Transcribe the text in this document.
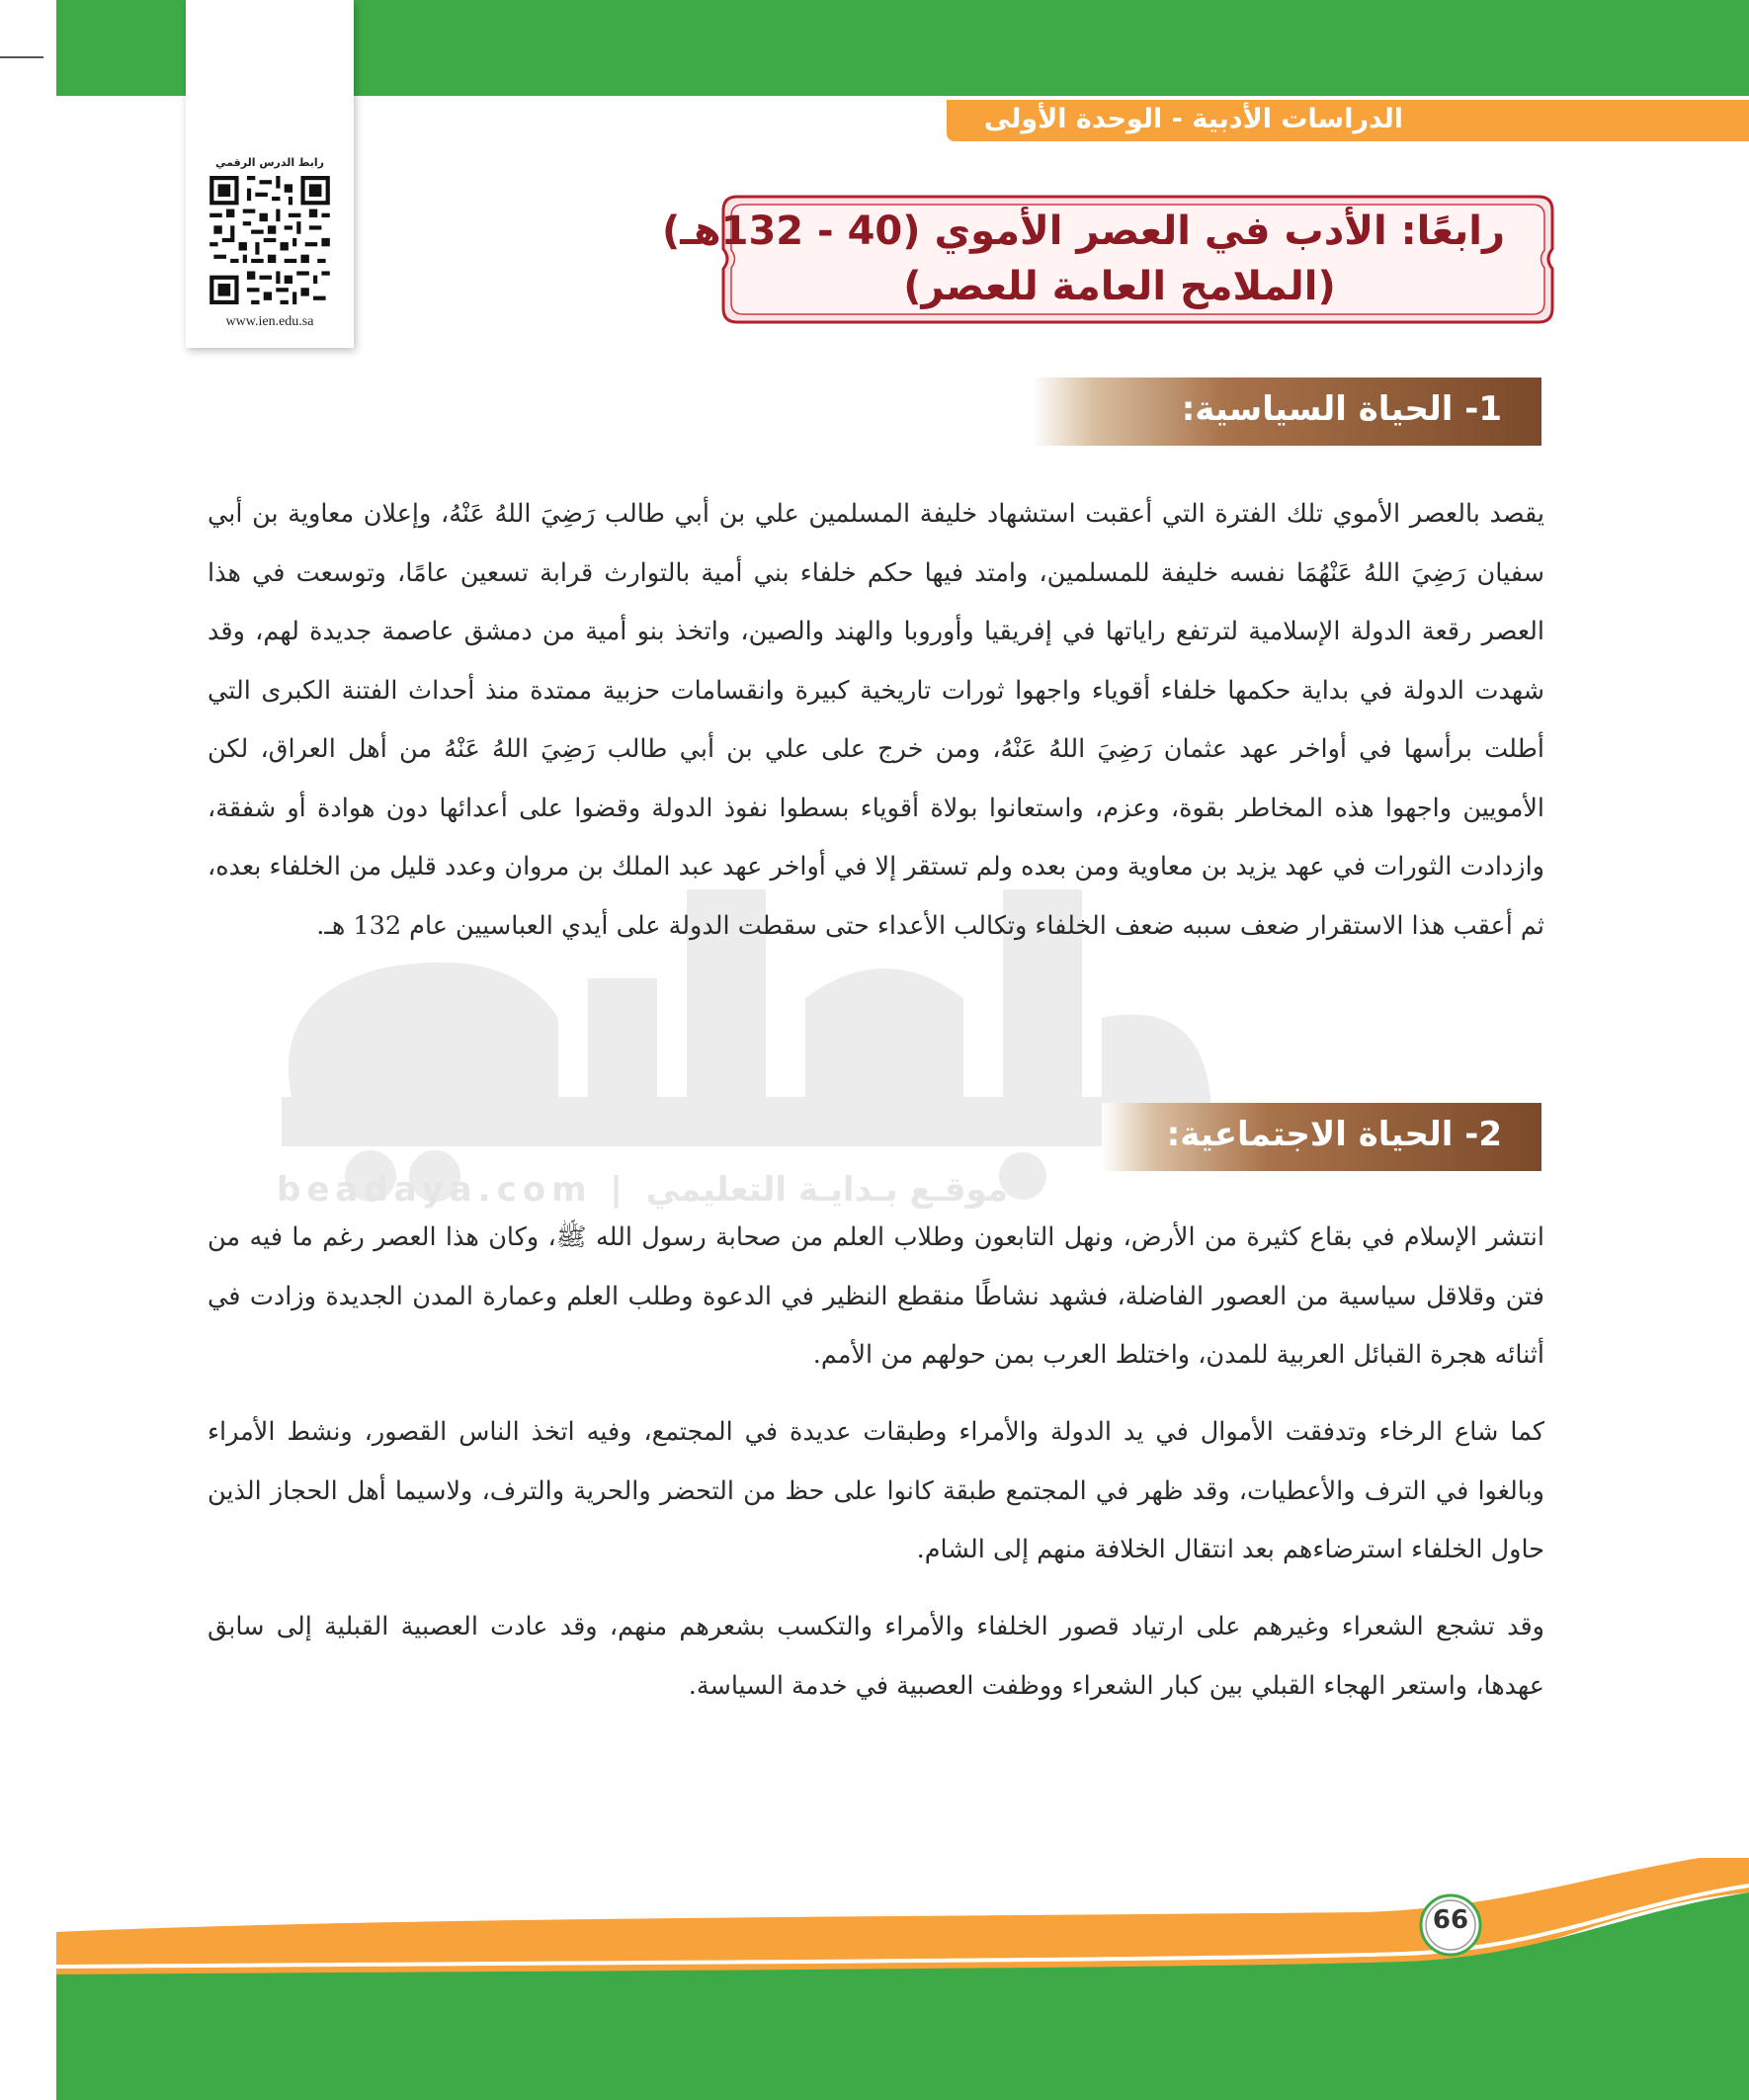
الدراسات الأدبية - الوحدة الأولى
رابط الدرس الرقمي
www.ien.edu.sa
رابعًا: الأدب في العصر الأموي (40 - 132هـ)
(الملامح العامة للعصر)
beadaya.com | موقـع بـدايـة التعليمي
1- الحياة السياسية:
يقصد بالعصر الأموي تلك الفترة التي أعقبت استشهاد خليفة المسلمين علي بن أبي طالب رَضِيَ اللهُ عَنْهُ، وإعلان معاوية بن أبي سفيان رَضِيَ اللهُ عَنْهُمَا نفسه خليفة للمسلمين، وامتد فيها حكم خلفاء بني أمية بالتوارث قرابة تسعين عامًا، وتوسعت في هذا العصر رقعة الدولة الإسلامية لترتفع راياتها في إفريقيا وأوروبا والهند والصين، واتخذ بنو أمية من دمشق عاصمة جديدة لهم، وقد شهدت الدولة في بداية حكمها خلفاء أقوياء واجهوا ثورات تاريخية كبيرة وانقسامات حزبية ممتدة منذ أحداث الفتنة الكبرى التي أطلت برأسها في أواخر عهد عثمان رَضِيَ اللهُ عَنْهُ، ومن خرج على علي بن أبي طالب رَضِيَ اللهُ عَنْهُ من أهل العراق، لكن الأمويين واجهوا هذه المخاطر بقوة، وعزم، واستعانوا بولاة أقوياء بسطوا نفوذ الدولة وقضوا على أعدائها دون هوادة أو شفقة، وازدادت الثورات في عهد يزيد بن معاوية ومن بعده ولم تستقر إلا في أواخر عهد عبد الملك بن مروان وعدد قليل من الخلفاء بعده، ثم أعقب هذا الاستقرار ضعف سببه ضعف الخلفاء وتكالب الأعداء حتى سقطت الدولة على أيدي العباسيين عام 132 هـ.
2- الحياة الاجتماعية:
انتشر الإسلام في بقاع كثيرة من الأرض، ونهل التابعون وطلاب العلم من صحابة رسول الله ﷺ، وكان هذا العصر رغم ما فيه من فتن وقلاقل سياسية من العصور الفاضلة، فشهد نشاطًا منقطع النظير في الدعوة وطلب العلم وعمارة المدن الجديدة وزادت في أثنائه هجرة القبائل العربية للمدن، واختلط العرب بمن حولهم من الأمم.
كما شاع الرخاء وتدفقت الأموال في يد الدولة والأمراء وطبقات عديدة في المجتمع، وفيه اتخذ الناس القصور، ونشط الأمراء وبالغوا في الترف والأعطيات، وقد ظهر في المجتمع طبقة كانوا على حظ من التحضر والحرية والترف، ولاسيما أهل الحجاز الذين حاول الخلفاء استرضاءهم بعد انتقال الخلافة منهم إلى الشام.
وقد تشجع الشعراء وغيرهم على ارتياد قصور الخلفاء والأمراء والتكسب بشعرهم منهم، وقد عادت العصبية القبلية إلى سابق عهدها، واستعر الهجاء القبلي بين كبار الشعراء ووظفت العصبية في خدمة السياسة.
66
